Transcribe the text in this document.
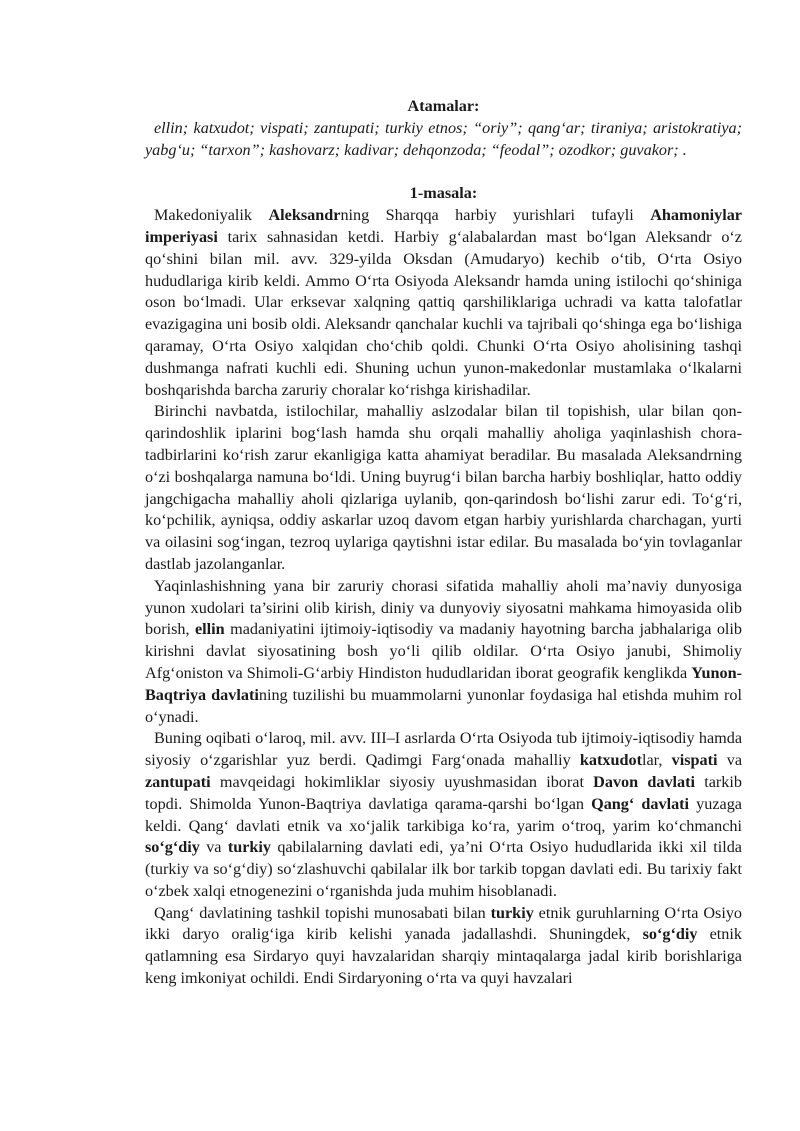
Atamalar:

ellin; katxudot; vispati; zantupati; turkiy etnos; “oriy”; qang‘ar; tiraniya; aristokratiya; yabg‘u; “tarxon”; kashovarz; kadivar; dehqonzoda; “feodal”; ozodkor; guvakor; .

1-masala:

Makedoniyalik Aleksandrning Sharqqa harbiy yurishlari tufayli Ahamoniylar imperiyasi tarix sahnasidan ketdi. Harbiy g‘alabalardan mast bo‘lgan Aleksandr o‘z qo‘shini bilan mil. avv. 329-yilda Oksdan (Amudaryo) kechib o‘tib, O‘rta Osiyo hududlariga kirib keldi. Ammo O‘rta Osiyoda Aleksandr hamda uning istilochi qo‘shiniga oson bo‘lmadi. Ular erksevar xalqning qattiq qarshiliklariga uchradi va katta talofatlar evazigagina uni bosib oldi. Aleksandr qanchalar kuchli va tajribali qo‘shinga ega bo‘lishiga qaramay, O‘rta Osiyo xalqidan cho‘chib qoldi. Chunki O‘rta Osiyo aholisining tashqi dushmanga nafrati kuchli edi. Shuning uchun yunon-makedonlar mustamlaka o‘lkalarni boshqarishda barcha zaruriy choralar ko‘rishga kirishadilar.

Birinchi navbatda, istilochilar, mahalliy aslzodalar bilan til topishish, ular bilan qon-qarindoshlik iplarini bog‘lash hamda shu orqali mahalliy aholiga yaqinlashish chora-tadbirlarini ko‘rish zarur ekanligiga katta ahamiyat beradilar. Bu masalada Aleksandrning o‘zi boshqalarga namuna bo‘ldi. Uning buyrug‘i bilan barcha harbiy boshliqlar, hatto oddiy jangchigacha mahalliy aholi qizlariga uylanib, qon-qarindosh bo‘lishi zarur edi. To‘g‘ri, ko‘pchilik, ayniqsa, oddiy askarlar uzoq davom etgan harbiy yurishlarda charchagan, yurti va oilasini sog‘ingan, tezroq uylariga qaytishni istar edilar. Bu masalada bo‘yin tovlaganlar dastlab jazolanganlar.

Yaqinlashishning yana bir zaruriy chorasi sifatida mahalliy aholi ma’naviy dunyosiga yunon xudolari ta’sirini olib kirish, diniy va dunyoviy siyosatni mahkama himoyasida olib borish, ellin madaniyatini ijtimoiy-iqtisodiy va madaniy hayotning barcha jabhalariga olib kirishni davlat siyosatining bosh yo‘li qilib oldilar. O‘rta Osiyo janubi, Shimoliy Afg‘oniston va Shimoli-G‘arbiy Hindiston hududlaridan iborat geografik kenglikda Yunon-Baqtriya davlatining tuzilishi bu muammolarni yunonlar foydasiga hal etishda muhim rol o‘ynadi.

Buning oqibati o‘laroq, mil. avv. III–I asrlarda O‘rta Osiyoda tub ijtimoiy-iqtisodiy hamda siyosiy o‘zgarishlar yuz berdi. Qadimgi Farg‘onada mahalliy katxudotlar, vispati va zantupati mavqeidagi hokimliklar siyosiy uyushmasidan iborat Davon davlati tarkib topdi. Shimolda Yunon-Baqtriya davlatiga qarama-qarshi bo‘lgan Qang‘ davlati yuzaga keldi. Qang‘ davlati etnik va xo‘jalik tarkibiga ko‘ra, yarim o‘troq, yarim ko‘chmanchi so‘g‘diy va turkiy qabilalarning davlati edi, ya’ni O‘rta Osiyo hududlarida ikki xil tilda (turkiy va so‘g‘diy) so‘zlashuvchi qabilalar ilk bor tarkib topgan davlati edi. Bu tarixiy fakt o‘zbek xalqi etnogenezini o‘rganishda juda muhim hisoblanadi.

Qang‘ davlatining tashkil topishi munosabati bilan turkiy etnik guruhlarning O‘rta Osiyo ikki daryo oralig‘iga kirib kelishi yanada jadallashdi. Shuningdek, so‘g‘diy etnik qatlamning esa Sirdaryo quyi havzalaridan sharqiy mintaqalarga jadal kirib borishlariga keng imkoniyat ochildi. Endi Sirdaryoning o‘rta va quyi havzalari
